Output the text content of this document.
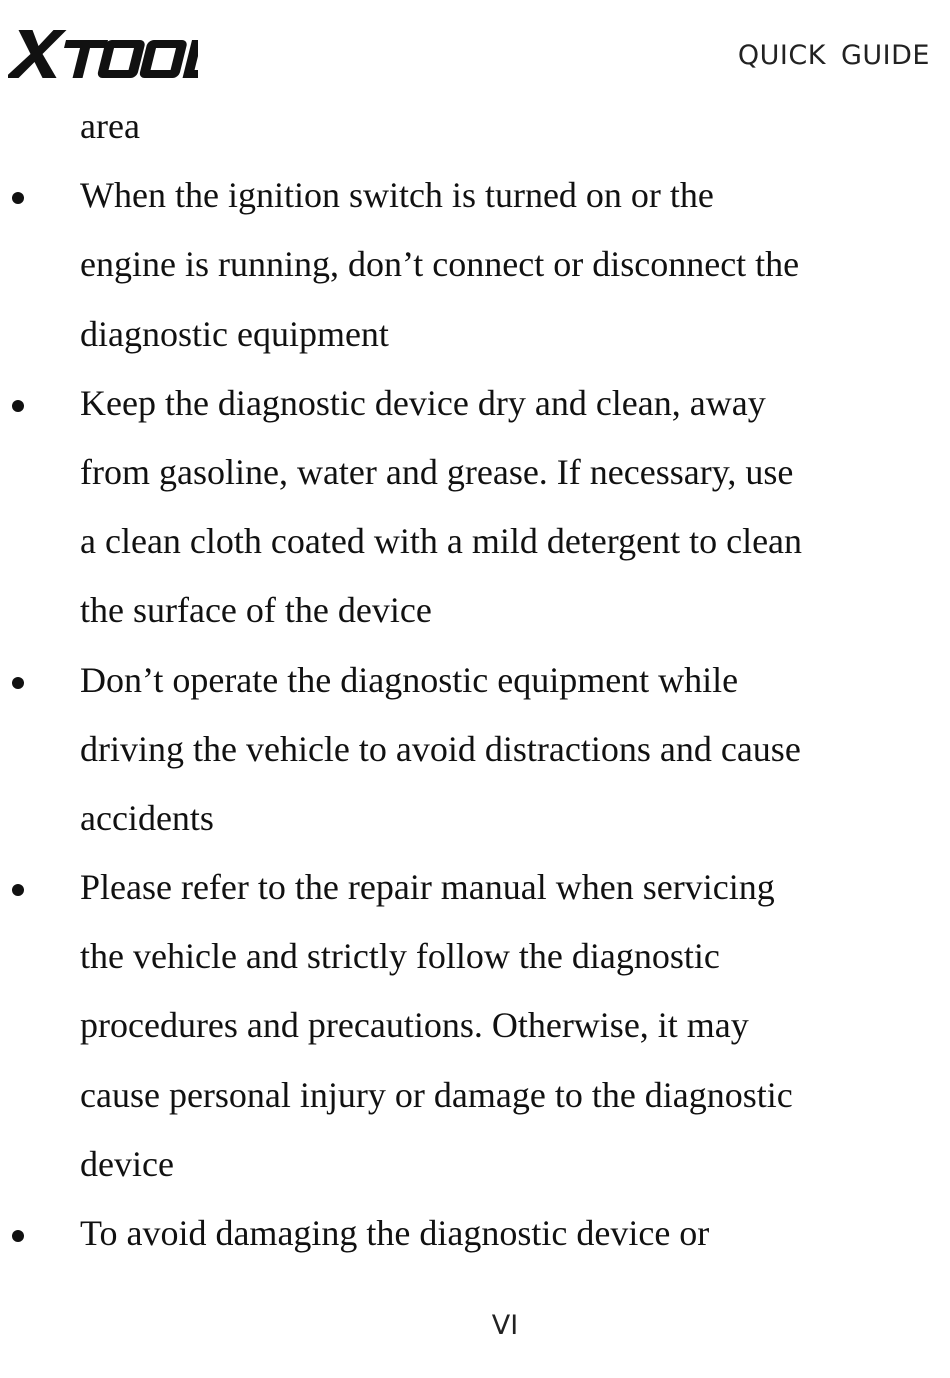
QUICK GUIDE
area
When the ignition switch is turned on or the
engine is running, don’t connect or disconnect the
diagnostic equipment
Keep the diagnostic device dry and clean, away
from gasoline, water and grease. If necessary, use
a clean cloth coated with a mild detergent to clean
the surface of the device
Don’t operate the diagnostic equipment while
driving the vehicle to avoid distractions and cause
accidents
Please refer to the repair manual when servicing
the vehicle and strictly follow the diagnostic
procedures and precautions. Otherwise, it may
cause personal injury or damage to the diagnostic
device
To avoid damaging the diagnostic device or
VI
